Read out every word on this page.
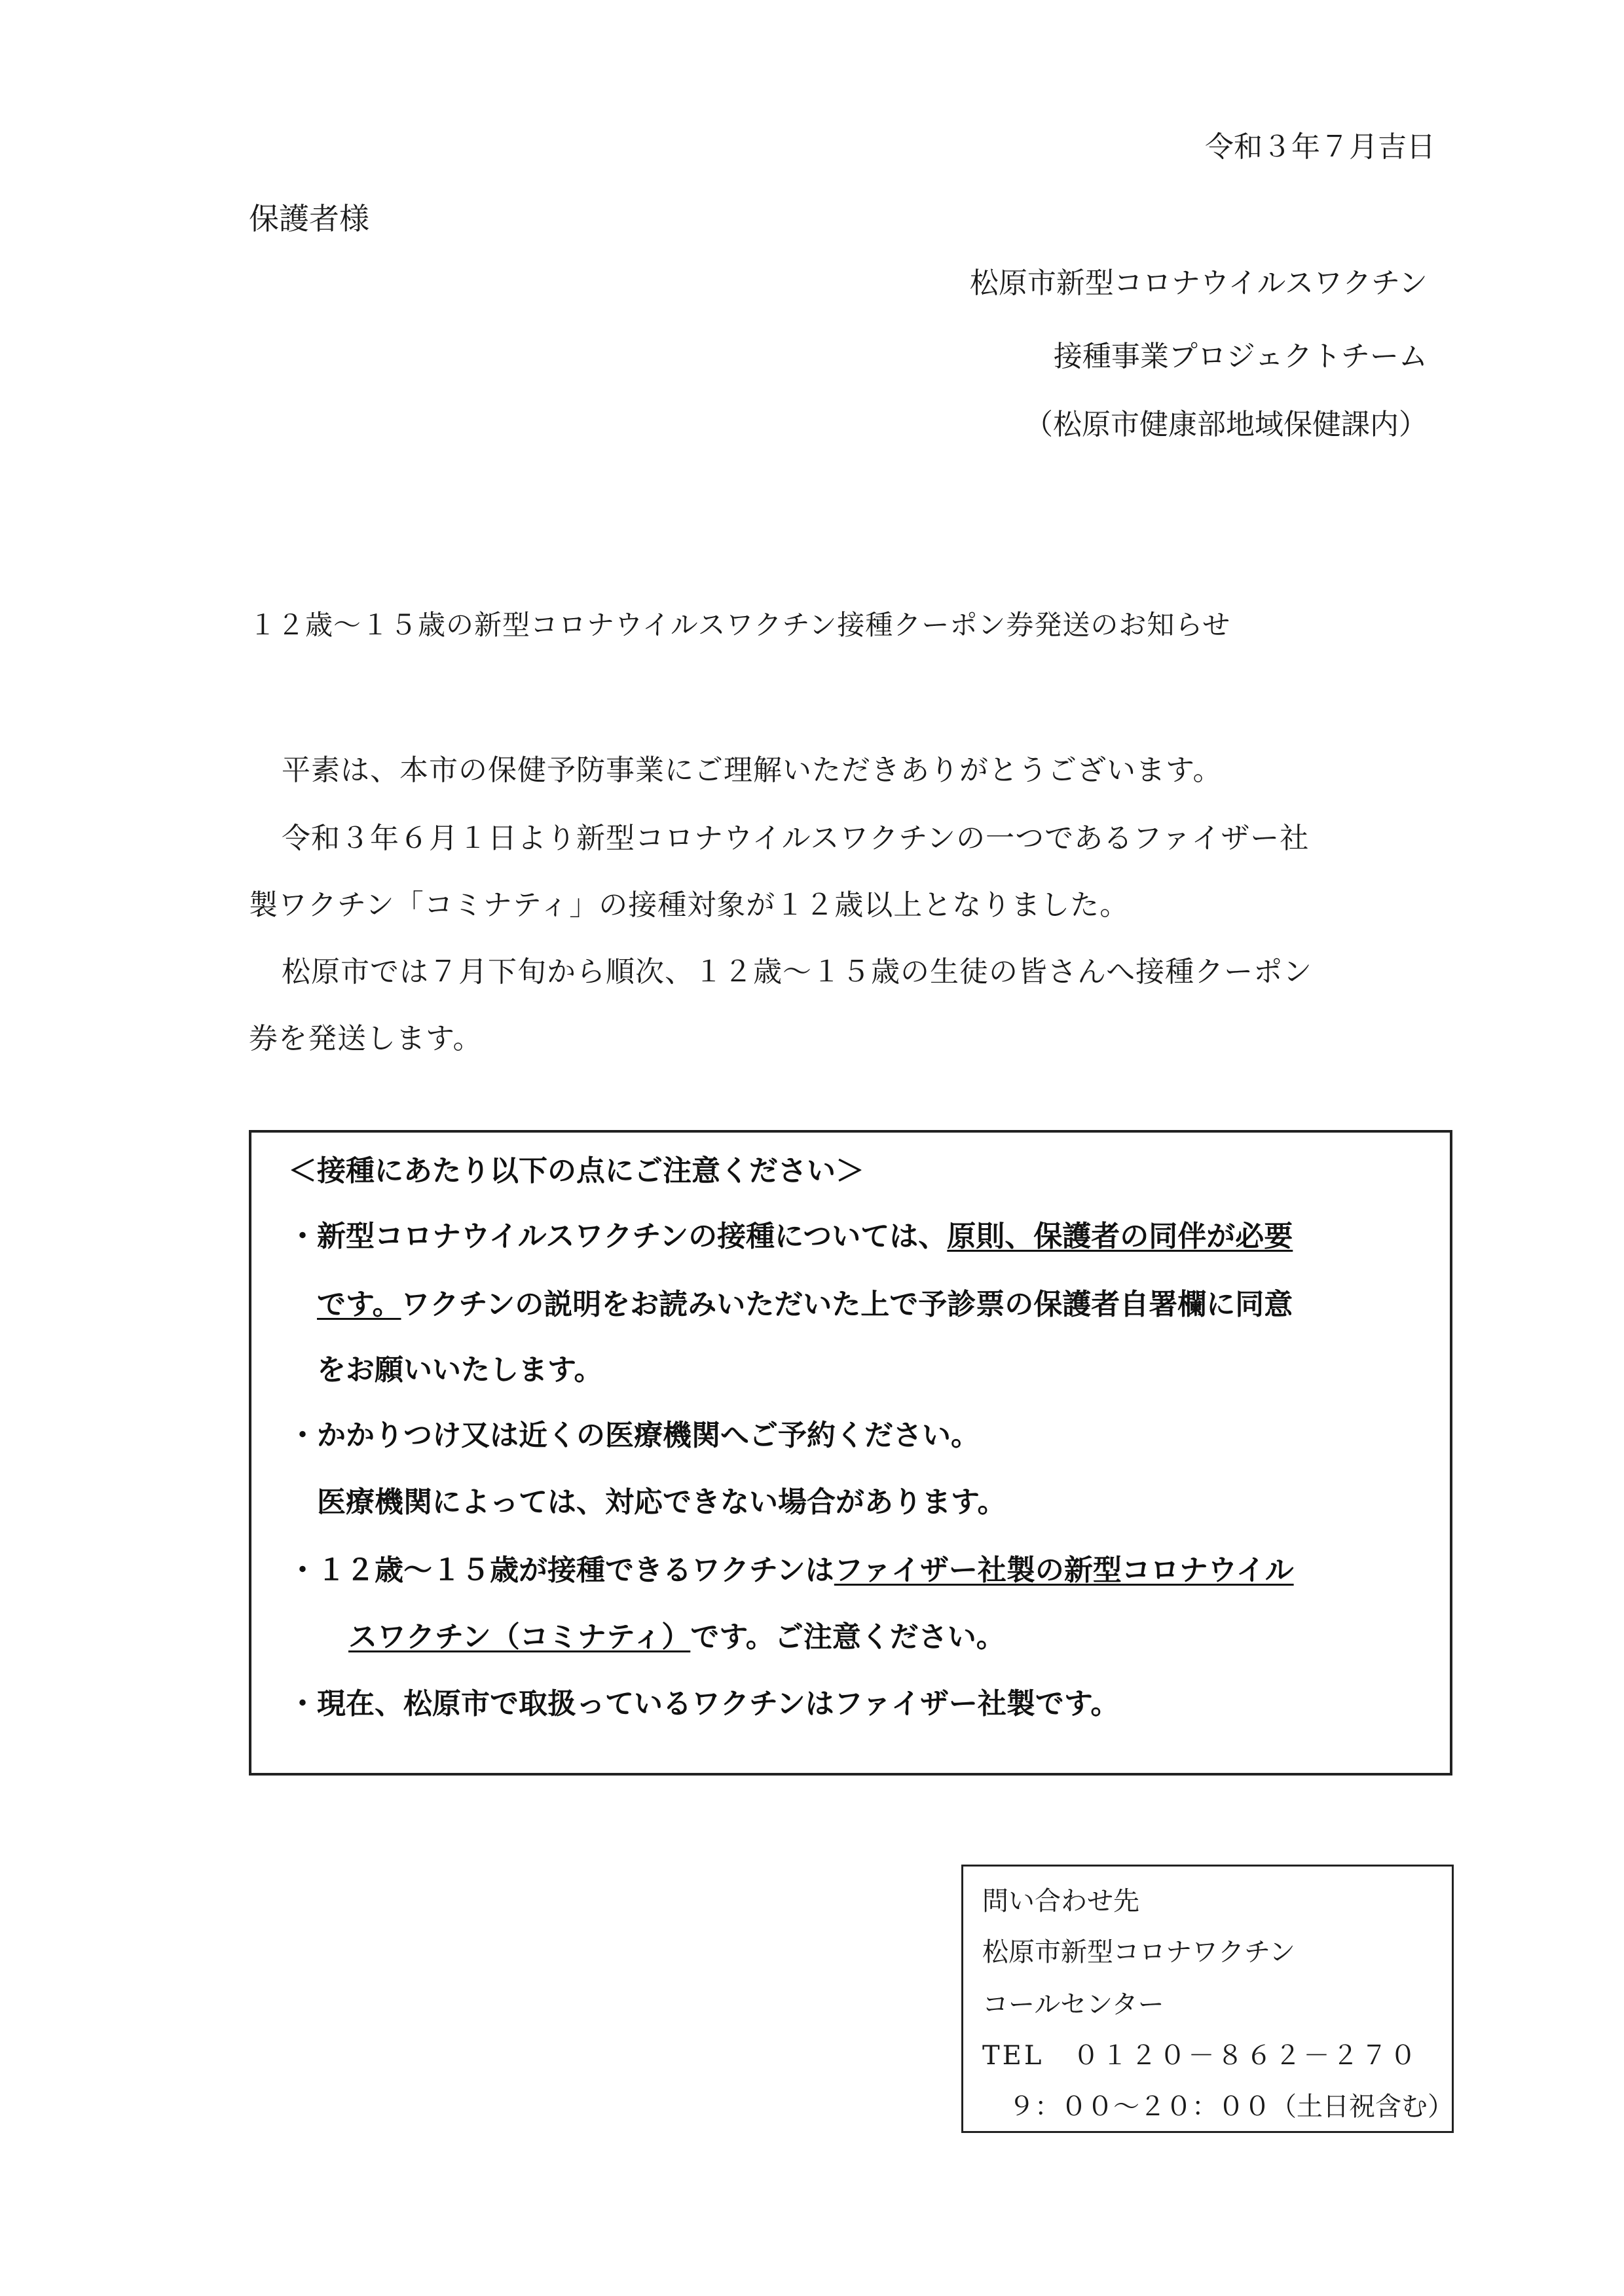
令和３年７月吉日
保護者様
松原市新型コロナウイルスワクチン
接種事業プロジェクトチーム
（松原市健康部地域保健課内）
１２歳～１５歳の新型コロナウイルスワクチン接種クーポン券発送のお知らせ
平素は、本市の保健予防事業にご理解いただきありがとうございます。
令和３年６月１日より新型コロナウイルスワクチンの一つであるファイザー社
製ワクチン「コミナティ」の接種対象が１２歳以上となりました。
松原市では７月下旬から順次、１２歳～１５歳の生徒の皆さんへ接種クーポン
券を発送します。
＜接種にあたり以下の点にご注意ください＞
・新型コロナウイルスワクチンの接種については、原則、保護者の同伴が必要
です。ワクチンの説明をお読みいただいた上で予診票の保護者自署欄に同意
をお願いいたします。
・かかりつけ又は近くの医療機関へご予約ください。
医療機関によっては、対応できない場合があります。
・１２歳～１５歳が接種できるワクチンはファイザー社製の新型コロナウイル
スワクチン（コミナティ）です。ご注意ください。
・現在、松原市で取扱っているワクチンはファイザー社製です。
問い合わせ先
松原市新型コロナワクチン
コールセンター
TEL　０１２０－８６２－２７０
９：００～２０：００（土日祝含む）
